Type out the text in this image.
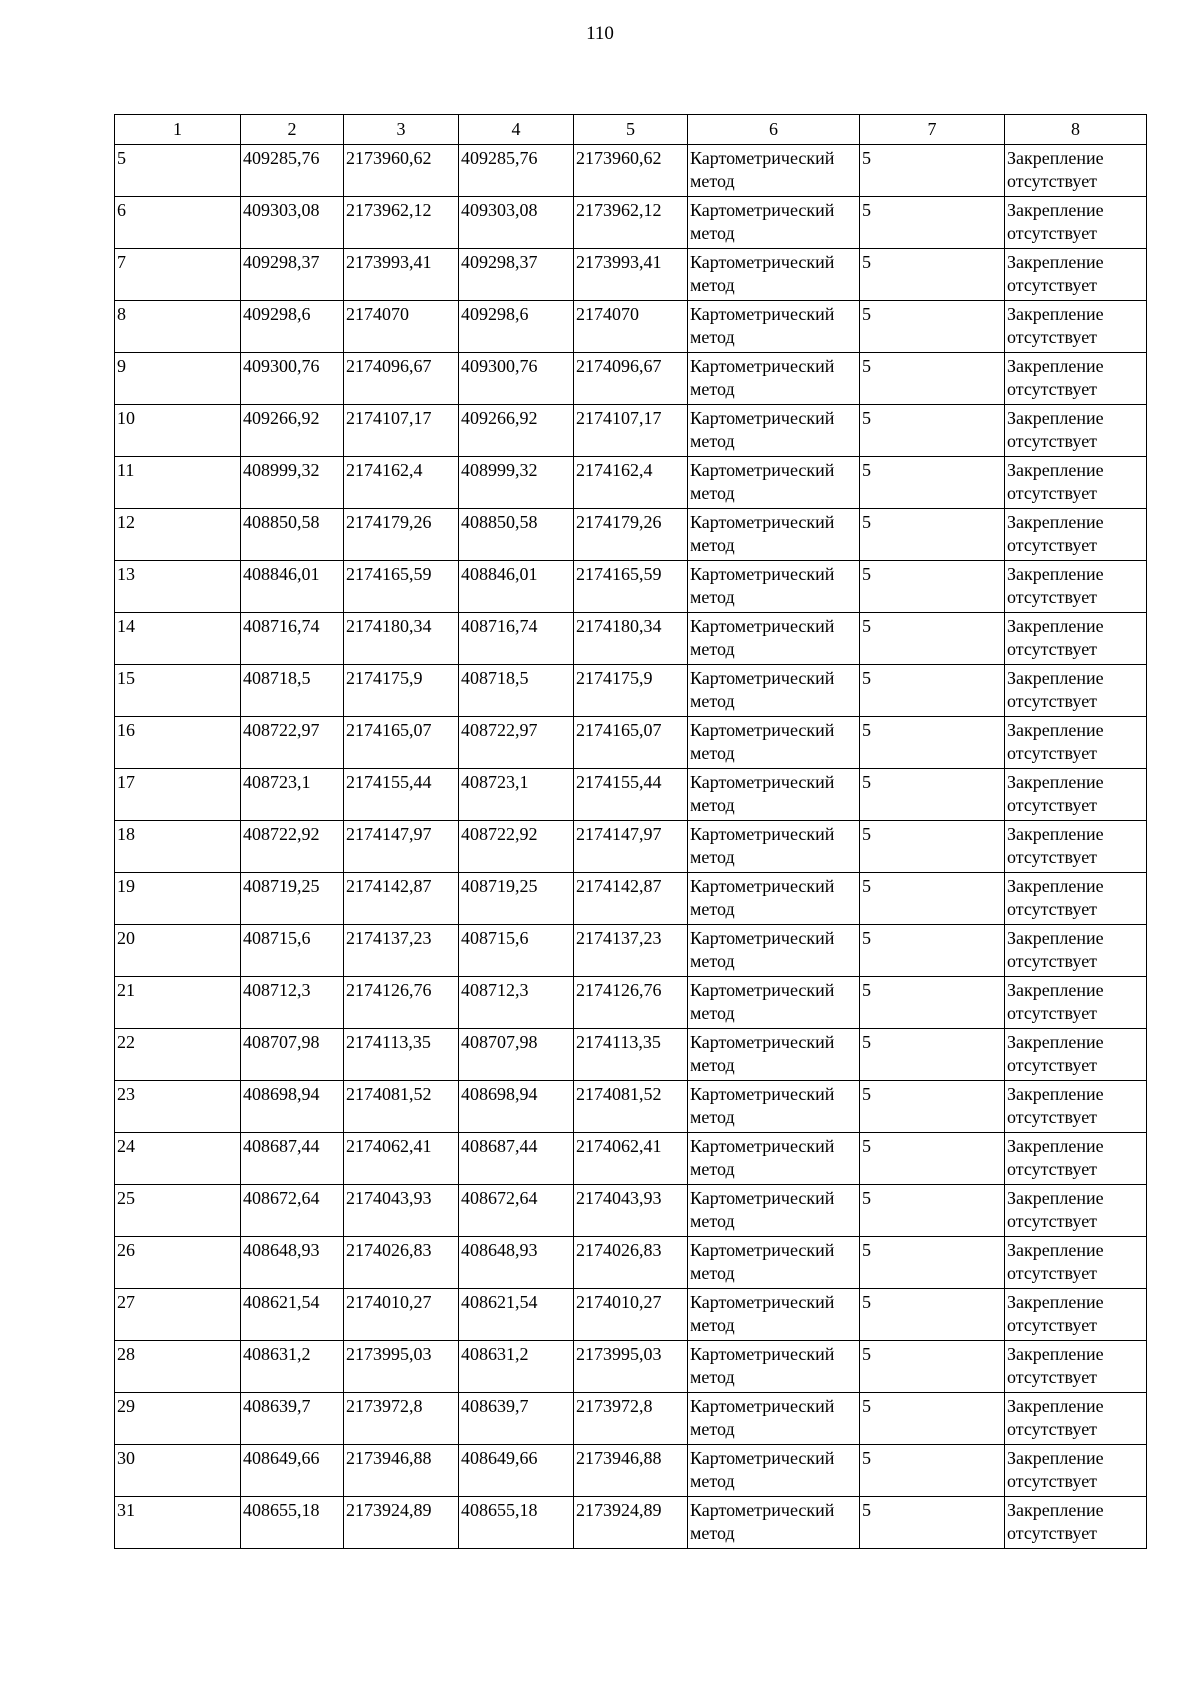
110
1	2	3	4	5	6	7	8
5	409285,76	2173960,62	409285,76	2173960,62	Картометрический метод	5	Закрепление отсутствует
6	409303,08	2173962,12	409303,08	2173962,12	Картометрический метод	5	Закрепление отсутствует
7	409298,37	2173993,41	409298,37	2173993,41	Картометрический метод	5	Закрепление отсутствует
8	409298,6	2174070	409298,6	2174070	Картометрический метод	5	Закрепление отсутствует
9	409300,76	2174096,67	409300,76	2174096,67	Картометрический метод	5	Закрепление отсутствует
10	409266,92	2174107,17	409266,92	2174107,17	Картометрический метод	5	Закрепление отсутствует
11	408999,32	2174162,4	408999,32	2174162,4	Картометрический метод	5	Закрепление отсутствует
12	408850,58	2174179,26	408850,58	2174179,26	Картометрический метод	5	Закрепление отсутствует
13	408846,01	2174165,59	408846,01	2174165,59	Картометрический метод	5	Закрепление отсутствует
14	408716,74	2174180,34	408716,74	2174180,34	Картометрический метод	5	Закрепление отсутствует
15	408718,5	2174175,9	408718,5	2174175,9	Картометрический метод	5	Закрепление отсутствует
16	408722,97	2174165,07	408722,97	2174165,07	Картометрический метод	5	Закрепление отсутствует
17	408723,1	2174155,44	408723,1	2174155,44	Картометрический метод	5	Закрепление отсутствует
18	408722,92	2174147,97	408722,92	2174147,97	Картометрический метод	5	Закрепление отсутствует
19	408719,25	2174142,87	408719,25	2174142,87	Картометрический метод	5	Закрепление отсутствует
20	408715,6	2174137,23	408715,6	2174137,23	Картометрический метод	5	Закрепление отсутствует
21	408712,3	2174126,76	408712,3	2174126,76	Картометрический метод	5	Закрепление отсутствует
22	408707,98	2174113,35	408707,98	2174113,35	Картометрический метод	5	Закрепление отсутствует
23	408698,94	2174081,52	408698,94	2174081,52	Картометрический метод	5	Закрепление отсутствует
24	408687,44	2174062,41	408687,44	2174062,41	Картометрический метод	5	Закрепление отсутствует
25	408672,64	2174043,93	408672,64	2174043,93	Картометрический метод	5	Закрепление отсутствует
26	408648,93	2174026,83	408648,93	2174026,83	Картометрический метод	5	Закрепление отсутствует
27	408621,54	2174010,27	408621,54	2174010,27	Картометрический метод	5	Закрепление отсутствует
28	408631,2	2173995,03	408631,2	2173995,03	Картометрический метод	5	Закрепление отсутствует
29	408639,7	2173972,8	408639,7	2173972,8	Картометрический метод	5	Закрепление отсутствует
30	408649,66	2173946,88	408649,66	2173946,88	Картометрический метод	5	Закрепление отсутствует
31	408655,18	2173924,89	408655,18	2173924,89	Картометрический метод	5	Закрепление отсутствует
